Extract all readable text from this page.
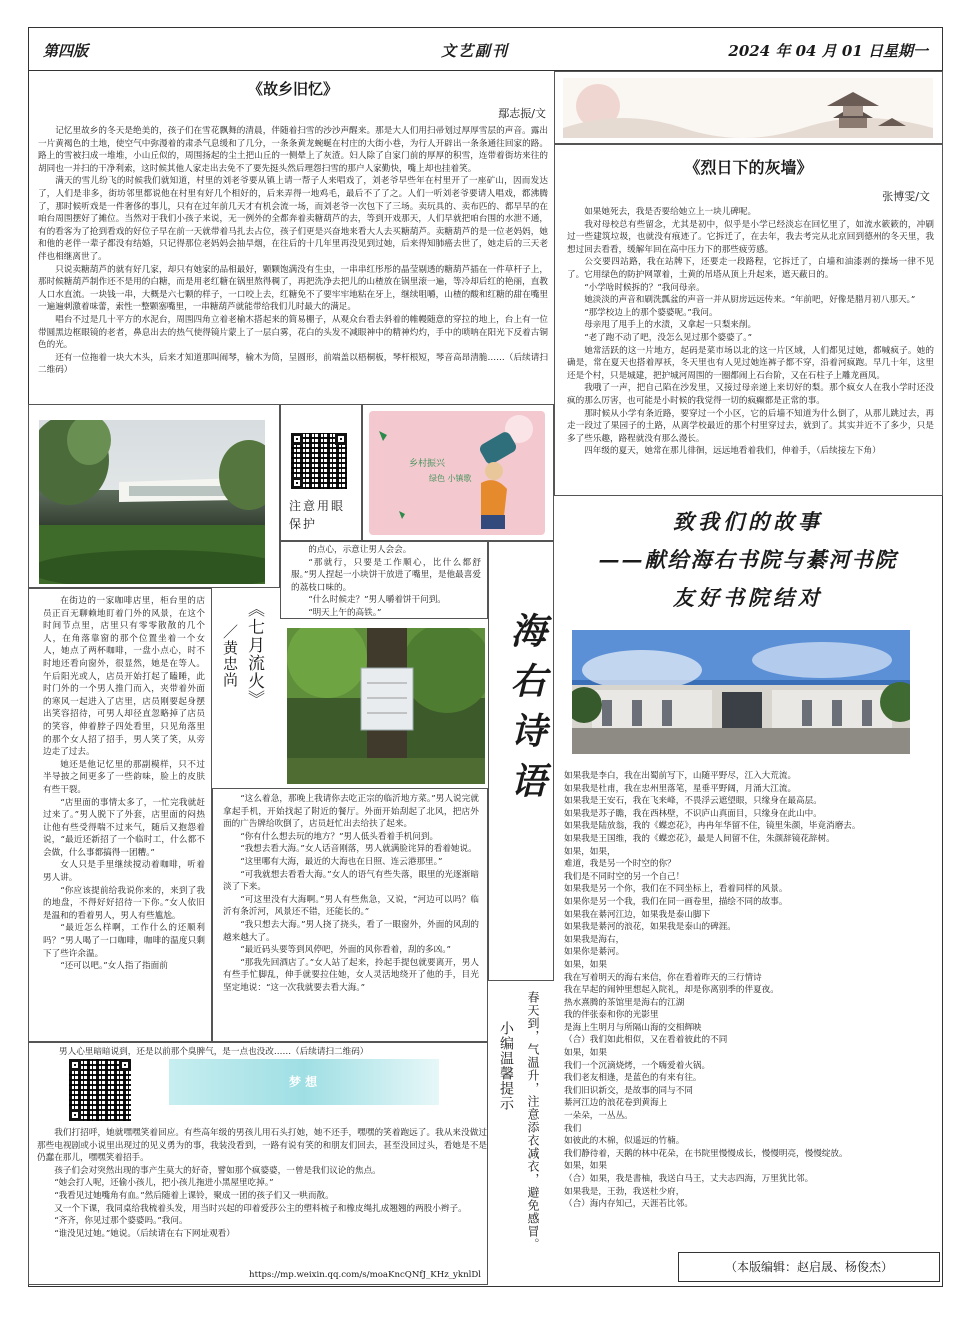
第四版	文艺副刊	2024 年 04 月 01 日星期一
《故乡旧忆》
鄢志振/文

记忆里故乡的冬天是绝美的，孩子们在雪花飘舞的清晨，伴随着扫雪的沙沙声醒来。那是大人们用扫帚划过厚厚雪层的声音。露出一片黄褐色的土地，使空气中弥漫着的肃杀气息缓和了几分，一条条黄龙蜿蜒在村庄的大街小巷，为行人开辟出一条条通往回家的路。路上的雪被扫成一堆堆，小山丘似的，周围扬起的尘土把山丘的一侧晕上了灰渣。妇人除了自家门前的厚厚的积雪，连带着街坊来往的胡同也一并扫的干净利索，这时候其他人家走出去免不了要先挺头然后理怨扫雪的那户人家勤快，嘴上却也挂着笑。

满天的雪儿纷飞的时候我们就知道，村里的刘老爷要从镇上请一帮子人来唱戏了，刘老爷早些年在村里开了一座矿山，因而发达了，人们是非多，街坊邻里都说他在村里有好几个相好的，后来弄得一地鸡毛，最后不了了之。人们一听刘老爷要请人唱戏，都沸腾了，那时候听戏是一件奢侈的事儿，只有在过年前几天才有机会流一场，而刘老爷一次包下了三场。卖玩具的、卖布匹的、都早早的在咱台周围摆好了摊位。当然对于我们小孩子来说，无一例外的全都奔着卖糖葫芦的去，等到开戏那天，人们早就把咱台围的水泄不通，有的看客为了抢到看戏的好位子早在前一天就带着马扎去占位，孩子们更是兴奋地来看大人去买糖葫芦。卖糖葫芦的是一位老妈妈，她和他的老伴一辈子都没有结婚，只记得那位老妈妈会抽旱烟，在往后的十几年里再没见到过她，后来得知肺癌去世了，她走后的三天老伴也相继离世了。

只说卖糖葫芦的就有好几家，却只有她家的品相最好，颗颗饱满没有生虫，一串串红彤彤的晶莹剔透的糖葫芦插在一件草杆子上，那时候糖葫芦制作还不是用的白糖，而是用老红糖在锅里熬得稠了，再把洗净去把儿的山楂放在锅里滚一遍，等冷却后红的艳丽，直教人口水直流。一块钱一串，大概是六七颗的样子，一口咬上去，红糖免不了要牢牢地粘在牙上，继续咀嚼，山楂的酸和红糖的甜在嘴里一遍遍刺激着味蕾，索性一整颗塞嘴里，一串糖葫芦就能带给我们儿时最大的满足。

唱台不过是几十平方的水泥台，周围四角立着老榆木搭起来的简易棚子，从观众台看去斜着的帷幔随意的穿拉的地上，台上有一位带圆黑边框眼镜的老者，鼻息出去的热气使得镜片蒙上了一层白雾，花白的头发不减眼神中的精神灼灼，手中的唢呐在阳光下反着古铜色的光。

还有一位拖着一块大木头，后来才知道那叫闹琴，榆木为筒，呈圆形，前端盖以梧桐板，琴杆根短，琴音高昂清脆……（后续请扫二维码）

注意用眼保护
乡村振兴
绿色 小镇歌

在街边的一家咖啡店里，柜台里的店员正百无聊赖地盯着门外的风景，在这个时间节点里，店里只有零零散散的几个人，在角落靠窗的那个位置坐着一个女人，她点了两杯咖啡，一盘小点心，时不时地还看向窗外，很显然，她是在等人。午后阳光或人，店员开始打起了瞌睡，此时门外的一个男人推门而入，夹带着外面的寒风一起进入了店里，店员刚要起身摆出笑容招待，可男人却径直忽略掉了店员的笑容，伸着脖子四处看里，只见角落里的那个女人招了招手，男人笑了笑，从旁边走了过去。

她还是他记忆里的那副模样，只不过半导披之间更多了一些韵味，脸上的皮肤有些干裂。

“店里面的事情太多了，一忙完我就赶过来了。”男人脱下了外套，店里面的闷热让他有些受得喘不过来气，随后又抱怨着说，“最近还新招了一个临时工，什么都不会做，什么事都搞得一团糟。”

女人只是手里继续搅动着咖啡，听着男人讲。

“你应该提前给我说你来的，来到了我的地盘，不得好好招待一下你。”女人依旧是温和的看着男人，男人有些尴尬。

“最近怎么样啊，工作什么的还顺利吗？”男人喝了一口咖啡，咖啡的温度只剩下了些许余温。

“还可以吧。”女人指了指面前

《七月流火》
／黄忠尚

的点心，示意让男人会会。

“那就行，只要是工作顺心，比什么都舒服。”男人捏起一小块饼干放进了嘴里，是他最喜爱的荔枝口味的。

“什么时候走？”男人嚼着饼干问到。

“明天上午的高铁。”

“这么着急，那晚上我请你去吃正宗的临沂地方菜。”男人说完就拿起手机，开始找起了附近的餐厅。外面开始刮起了北风，把店外面的广告牌给吹倒了，店员赶忙出去给扶了起来。

“你有什么想去玩的地方？”男人低头看着手机问到。

“我想去看大海。”女人话音刚落，男人就满脸诧异的看着她说。

“这里哪有大海，最近的大海也在日照、连云港那里。”

“可我就想去看看大海。”女人的语气有些失落，眼里的光逐渐暗淡了下来。

“可这里没有大海啊。”男人有些焦急，又说，“河边可以吗？临沂有条沂河，风景还不错，还能长的。”

“我只想去大海。”男人挠了挠头，看了一眼窗外，外面的风刮的越来越大了。

“最近码头要等到风停吧，外面的风你看着，刮的多凶。”

“那我先回酒店了。”女人站了起来，拎起手提包就要离开，男人有些手忙脚乱，伸手就要拉住她，女人灵活地绕开了他的手，目光坚定地说：“这一次我就要去看大海。”

海右诗语
春天到，气温升，注意添衣减衣，避免感冒。
小编温馨提示
男人心里暗暗说到，还是以前那个臭脾气，是一点也没改……（后续请扫二维码）
梦 想

我们打招呼，她就嘿嘿笑着回应。有些高年级的男孩儿用石头打她，她不还手，嘿嘿的笑着跑远了。我从来没做过那些电视剧或小说里出现过的见义勇为的事，我装没看到，一路有说有笑的和朋友们回去，甚至没回过头，看她是不是仍蠢在那儿，嘿嘿笑着招手。

孩子们会对突然出现的事产生莫大的好奇，譬如那个疯婆婆，一曾是我们议论的焦点。

“她会打人呢，还偷小孩儿，把小孩儿拖进小黑屋里吃掉。”

“我看见过她嘴角有血。”然后随着上课铃，聚成一团的孩子们又一哄而散。

又一个下课，我同桌给我梳着头发，用当时兴起的印着爱莎公主的塑料梳子和橡皮绳扎成翘翘的两股小辫子。

“齐齐，你见过那个婆婆吗。”我问。

“谁没见过她。”她说。（后续请在右下网址观看）

https://mp.weixin.qq.com/s/moaKncQNfJ_KHz_yknlDl
《烈日下的灰墙》
张博雯/文

如果她死去，我是否要给她立上一块儿碑呢。

我对母校总有些留念，尤其是初中，似乎是小学已经淡忘在回忆里了，如流水簌簌的，冲刷过一些建筑垃圾，也就没有痕迹了。它拆迁了，在去年，我去考完从北京回到德州的冬天里，我想过回去看看，缓解年回在高中压力下的那些疲劳感。

公交要四站路，我在站牌下，还要走一段路程，它拆迁了，白墙和油漆剥的操场一律不见了。它用绿色的防护网罩着，土黄的吊塔从顶上升起来，遮天蔽日的。

“小学啥时候拆的？”我问母亲。

她淡淡的声音和刷洗瓢盆的声音一并从厨房远远传来。“年前吧，好像是腊月初八那天。”

“那学校边上的那个婆婆呢。”我问。

母亲甩了甩手上的水渍，又拿起一只梨来削。

“老了跑不动了吧，没怎么见过那个婆婆了。”

她常活跃的这一片地方，起码是菜市场以北的这一片区域，人们都见过她，都喊疯子。她的确是，常在夏天也搭着厚袄，冬天里也有人见过她连裤子都不穿，沿着河疯跑。早几十年，这里还是个村，只是城建，把护城河周围的一圈都闹上石台阶，又在石柱子上雕龙画凤。

我哦了一声，把自己陷在沙发里，又接过母亲递上来切好的梨。那个疯女人在我小学时还没疯的那么厉害，也可能是小时候的我觉得一切的疯癫都是正常的事。

那时候从小学有条近路，要穿过一个小区，它的后墙不知道为什么倒了，从那儿跳过去，再走一段过了果园子的土路，从离学校最近的那个村里穿过去，就到了。其实并近不了多少，只是多了些乐趣，路程就没有那么漫长。

四年级的夏天，她常在那儿徘徊，远远地看着我们，伸着手，（后续接左下角）

致我们的故事
——献给海右书院与綦河书院
友好书院结对

如果我是李白，我在出蜀前写下，山随平野尽，江入大荒流。

如果我是杜甫，我在忠州里落笔，星垂平野阔，月涌大江流。

如果我是王安石，我在飞来峰，不畏浮云遮望眼，只缘身在最高层。

如果我是苏子瞻，我在西林壁，不识庐山真面目，只缘身在此山中。

如果我是陆放翁，我的《蝶恋花》，冉冉年华留不住，镜里朱颜，毕竟消磨去。

如果我是王国维，我的《蝶恋花》，最是人间留不住，朱颜辞镜花辞树。

如果，如果，

难道，我是另一个时空的你？

我们是不同时空的另一个自己！

如果我是另一个你，我们在不同坐标上，看着同样的风景。

如果你是另一个我，我们在同一画卷里，描绘不同的故事。

如果我在綦河江边，如果我是泰山脚下

如果我是綦河的浪花，如果我是泰山的碑涯。

如果我是海右，

如果你是綦河。

如果，如果

我在写着明天的海右来信，你在看着昨天的三行情诗

我在早起的闹钟里想起入院礼，却是你离别季的伴夏夜。

热水熹腾的茶馆里是海右的江湖

我的伴张泰和你的光影里

是海上生明月与所隔山海的交相辉映

（合）我们如此相似，又在看着彼此的不同

如果，如果

我们一个沉滴烧烤，一个嗨爱着火锅。

我们老友相逢，是蓝色的有来有往。

我们旧识新交，是故事的同与不同

綦河江边的浪花卷到黄海上

一朵朵，一丛丛。

我们

如彼此的木棉，似遥远的竹楠。

我们静待着，天鹅的林中花朵，在书院里慢慢成长，慢慢明亮，慢慢绽放。

如果，如果

（合）如果，我是書柚，我送白马王，丈夫志四海，万里犹比邻。

如果我是，王勃，我送杜少府，

（合）海内存知己，天涯若比邻。

（本版编辑：赵启晟、杨俊杰）
